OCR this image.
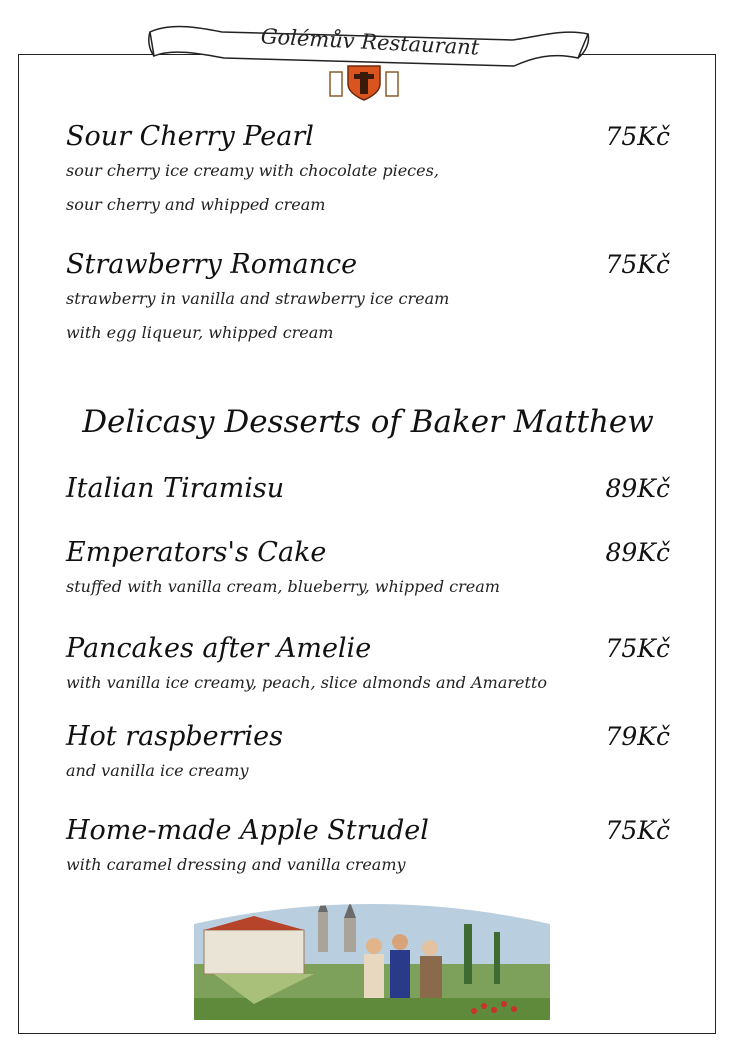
Golémův Restaurant
Sour Cherry Pearl	75Kč
sour cherry ice creamy with chocolate pieces,
sour cherry and whipped cream
Strawberry Romance	75Kč
strawberry in vanilla and strawberry ice cream
with egg liqueur, whipped cream
Delicasy Desserts of Baker Matthew
Italian Tiramisu	89Kč
Emperators's Cake	89Kč
stuffed with vanilla cream, blueberry, whipped cream
Pancakes after Amelie	75Kč
with vanilla ice creamy, peach, slice almonds and Amaretto
Hot raspberries	79Kč
and vanilla ice creamy
Home-made Apple Strudel	75Kč
with caramel dressing and vanilla creamy
